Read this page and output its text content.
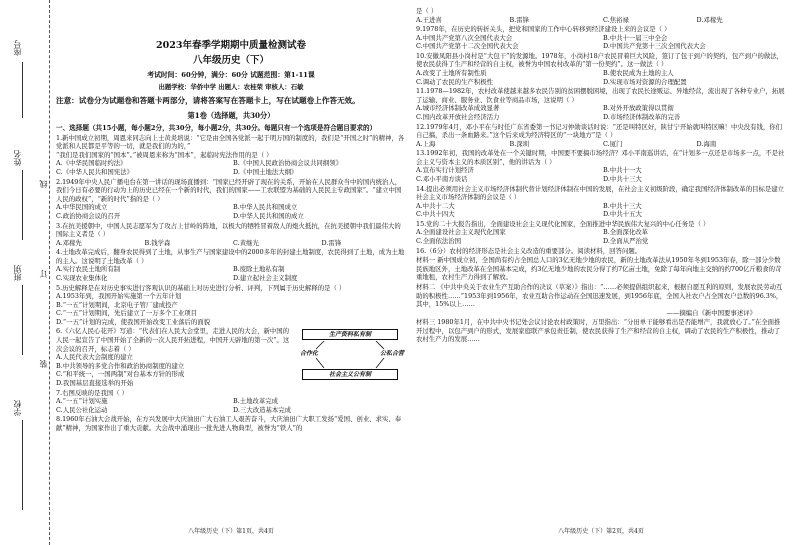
座号
姓名
班别
学校
线
订
装
2023年春季学期期中质量检测试卷
八年级历史（下）
考试时间：60分钟，满分：60分 试题范围：第1-11课
出题学校：华侨中学 出题人：农桂荣 审核人：石敏
注意：试卷分为试题卷和答题卡两部分，请将答案写在答题卡上，写在试题卷上作答无效。
第1卷（选择题，共30分）
一、选择题（共15小题，每小题2分，共30分，每小题2分，共30分。每题只有一个选项是符合题目要求的）
1.新中国成立初期，周恩来同志向上士黄炎培说：“它是由全国各党派一起于明万国的制度的，我们是“开国之时”的精神，各党派和人民都是平等的一切，就是我们的为的，”
“我们是我们国家的“国本”。”被周恩来称为“国本”，起临时宪法作用的是（ ）
A.《中华民国临时约法》	B.《中国人民政治协商会议共同纲领》
C.《中华人民共和国宪法》	D.《中国土地法大纲》
2.1949年中央人民广播电台在第一讲话的现场直播到：“国家已经开辟了现在的关系，开始在人民群众当中的国内统治人，我们今日有必要的行动为上的历史已经在一个新的时代，我们的国家——工农联盟为基础的人民民主专政国家”。“建立中国人民的政权”，“新的时代”指的是（ ）
A.中华民国的成立	B.中华人民共和国成立
C.政治协商会议的召开	D.中华人民共和国的成立
3.在抗美援朝中，中国人民志愿军为了攻占上甘岭的阵地，以极大的牺牲冒着敌人的炮火抵抗，在抗美援朝中我们最伟大的国际主义者是（ ）
A.邓稼先	B.钱学森	C.黄继光	D.雷锋
4.土地改革完成后，翻身农民得到了土地，从事生产与国家建设中的2000多年的封建土地制度，农民得到了土地，成为土地的主人。这说明了土地改革（ ）
A.实行农民土地所有制	B.废除土地私有制
C.实现农业集体化	D.建立起社会主义制度
5.历史解释是在对历史事实进行客观认识的基础上对历史进行分析、评判，下列属于历史解释的是（ ）
A.1953年到，我国开始实施第一个五年计划
B.“一五”计划期间，北京电子管厂建成投产
C.“一五”计划期间，先后建立了一万多个工业项目
D.“一五”计划的完成，使我国开始改变工业落后的面貌
6.《六亿人民心花开》写道：“代表们在人民大会堂里，走进人民的大会，新中国的人民一起宣告了中国开始了全新的一次人民开拓进程，中国开天辟地的第一次”。这次会议的召开，标志着（ ）
A.人民代表大会制度的建立
B.中共领导的多党合作和政治协商制度的建立
C.“和平统一，一国两制”对台基本方针的形成
D.我国基层直接选举的开始
生产资料私有制
合作化	公私合营
社会主义公有制
7.右图反映的是我国（ ）
A.“一五”计划实施	B.土地改革完成
C.人民公社化运动	D.三大改造基本完成
8.1960年石油大会战开始，在方兴发展中大庆油田广大石油工人艰苦奋斗，大庆油田广大职工发扬“爱国、创业、求实、奉献”精神，为国家作出了重大贡献。大会战中涌现出一批先进人物典型，被誉为“铁人”的
八年级历史（下）第1页，共4页
是（ ）
A.王进喜	B.雷锋	C.焦裕禄	D.邓稼先
9.1978年，在历史的转折关头，把党和国家的工作中心转移到经济建设上来的会议是（ ）
A.中国共产党第八次全国代表大会	B.中共十一届三中全会
C.中国共产党第十二次全国代表大会	D.中国共产党第十三次全国代表大会
10.安徽凤阳县小岗村是“大包干”的发源地。1978年，小岗村18户农民冒着巨大风险，签订了包干到户的契约，包产到户的做法，使农民获得了生产和经营的自主权，被誉为中国农村改革的“第一份契约”。这一做法（ ）
A.改变了土地所有制性质	B.使农民成为土地的主人
C.调动了农民的生产积极性	D.实现市场对资源的合理配置
11.1978—1982年，农村改革使越来越多农民告别的贫困摆脱困境，出现了农民长途贩运、异地经营，流出现了各种专业户，拓展了运输、商业、服务业、饮食业等商品市场，这说明（ ）
A.城市经济体制改革成效显著	B.对外开放政策得以贯彻
C.国内改革开放社会经济活力	D.市场经济体制改革的完善
12.1979年4月，邓小平在与时任广东省委第一书记习仲勋谈话时说：“还是叫特区好，陕甘宁开始就叫特区嘛！中央没有钱，你们自己搞，杀出一条血路来。”这个后来成为经济特区的“一块地方”是（ ）
A.上海	B.深圳	C.厦门	D.海南
13.1992年初，我国的改革处在一个关键时期，中国要不要搞市场经济？邓小平南巡讲话，在“计划多一点还是市场多一点，不是社会主义与资本主义的本质区别”，他的讲话为（ ）
A.宣布实行计划经济	B.中共十一大
C.邓小平南方谈话	D.中共十三大
14.提出必须用社会主义市场经济体制代替计划经济体制在中国的发展，在社会主义初级阶段，确定我国经济体制改革的目标是建立社会主义市场经济体制的会议是（ ）
A.中共十二大	B.中共十三大
C.中共十四大	D.中共十五大
15.党的二十大报告指出，全面建设社会主义现代化国家，全面推进中华民族伟大复兴的中心任务是（ ）
A.全面建设社会主义现代化国家	B.全面深化改革
C.全面依法治国	D.全面从严治党
16.（6分）农村的经济形态是社会主义改造的重要部分。阅读材料，回答问题。
材料一 新中国成立初，全国尚有约占全国总人口的3亿无地少地的农民，新的土地改革法从1950年冬到1953年春，除一部分少数民族地区外，土地改革在全国基本完成，约3亿无地少地的农民分得了约7亿亩土地，免除了每年向地主交纳的约700亿斤粮食的苛重地租，农村生产力得到了解放。
材料二 《中共中央关于农业生产互助合作的决议（草案）》指出：“……必须提倡组织起来，根据自愿互利的原则，发展农民劳动互助的积极性……”1953年到1956年，农业互助合作运动在全国迅速发展，到1956年底，全国入社农户占全国农户总数的96.3%，其中，15%以上……
——摘编自《新中国要事述评》
材料三 1980年1月，在中共中央书记处会议讨论农村政策时，万里指出：“分田单干能够看出是否能增产，我就放心了。”在全面推开过程中，以包产到户的形式，发展家庭联产承包责任制，使农民获得了生产和经营的自主权，调动了农民的生产积极性，推动了农村生产力的发展……
八年级历史（下）第2页，共4页
